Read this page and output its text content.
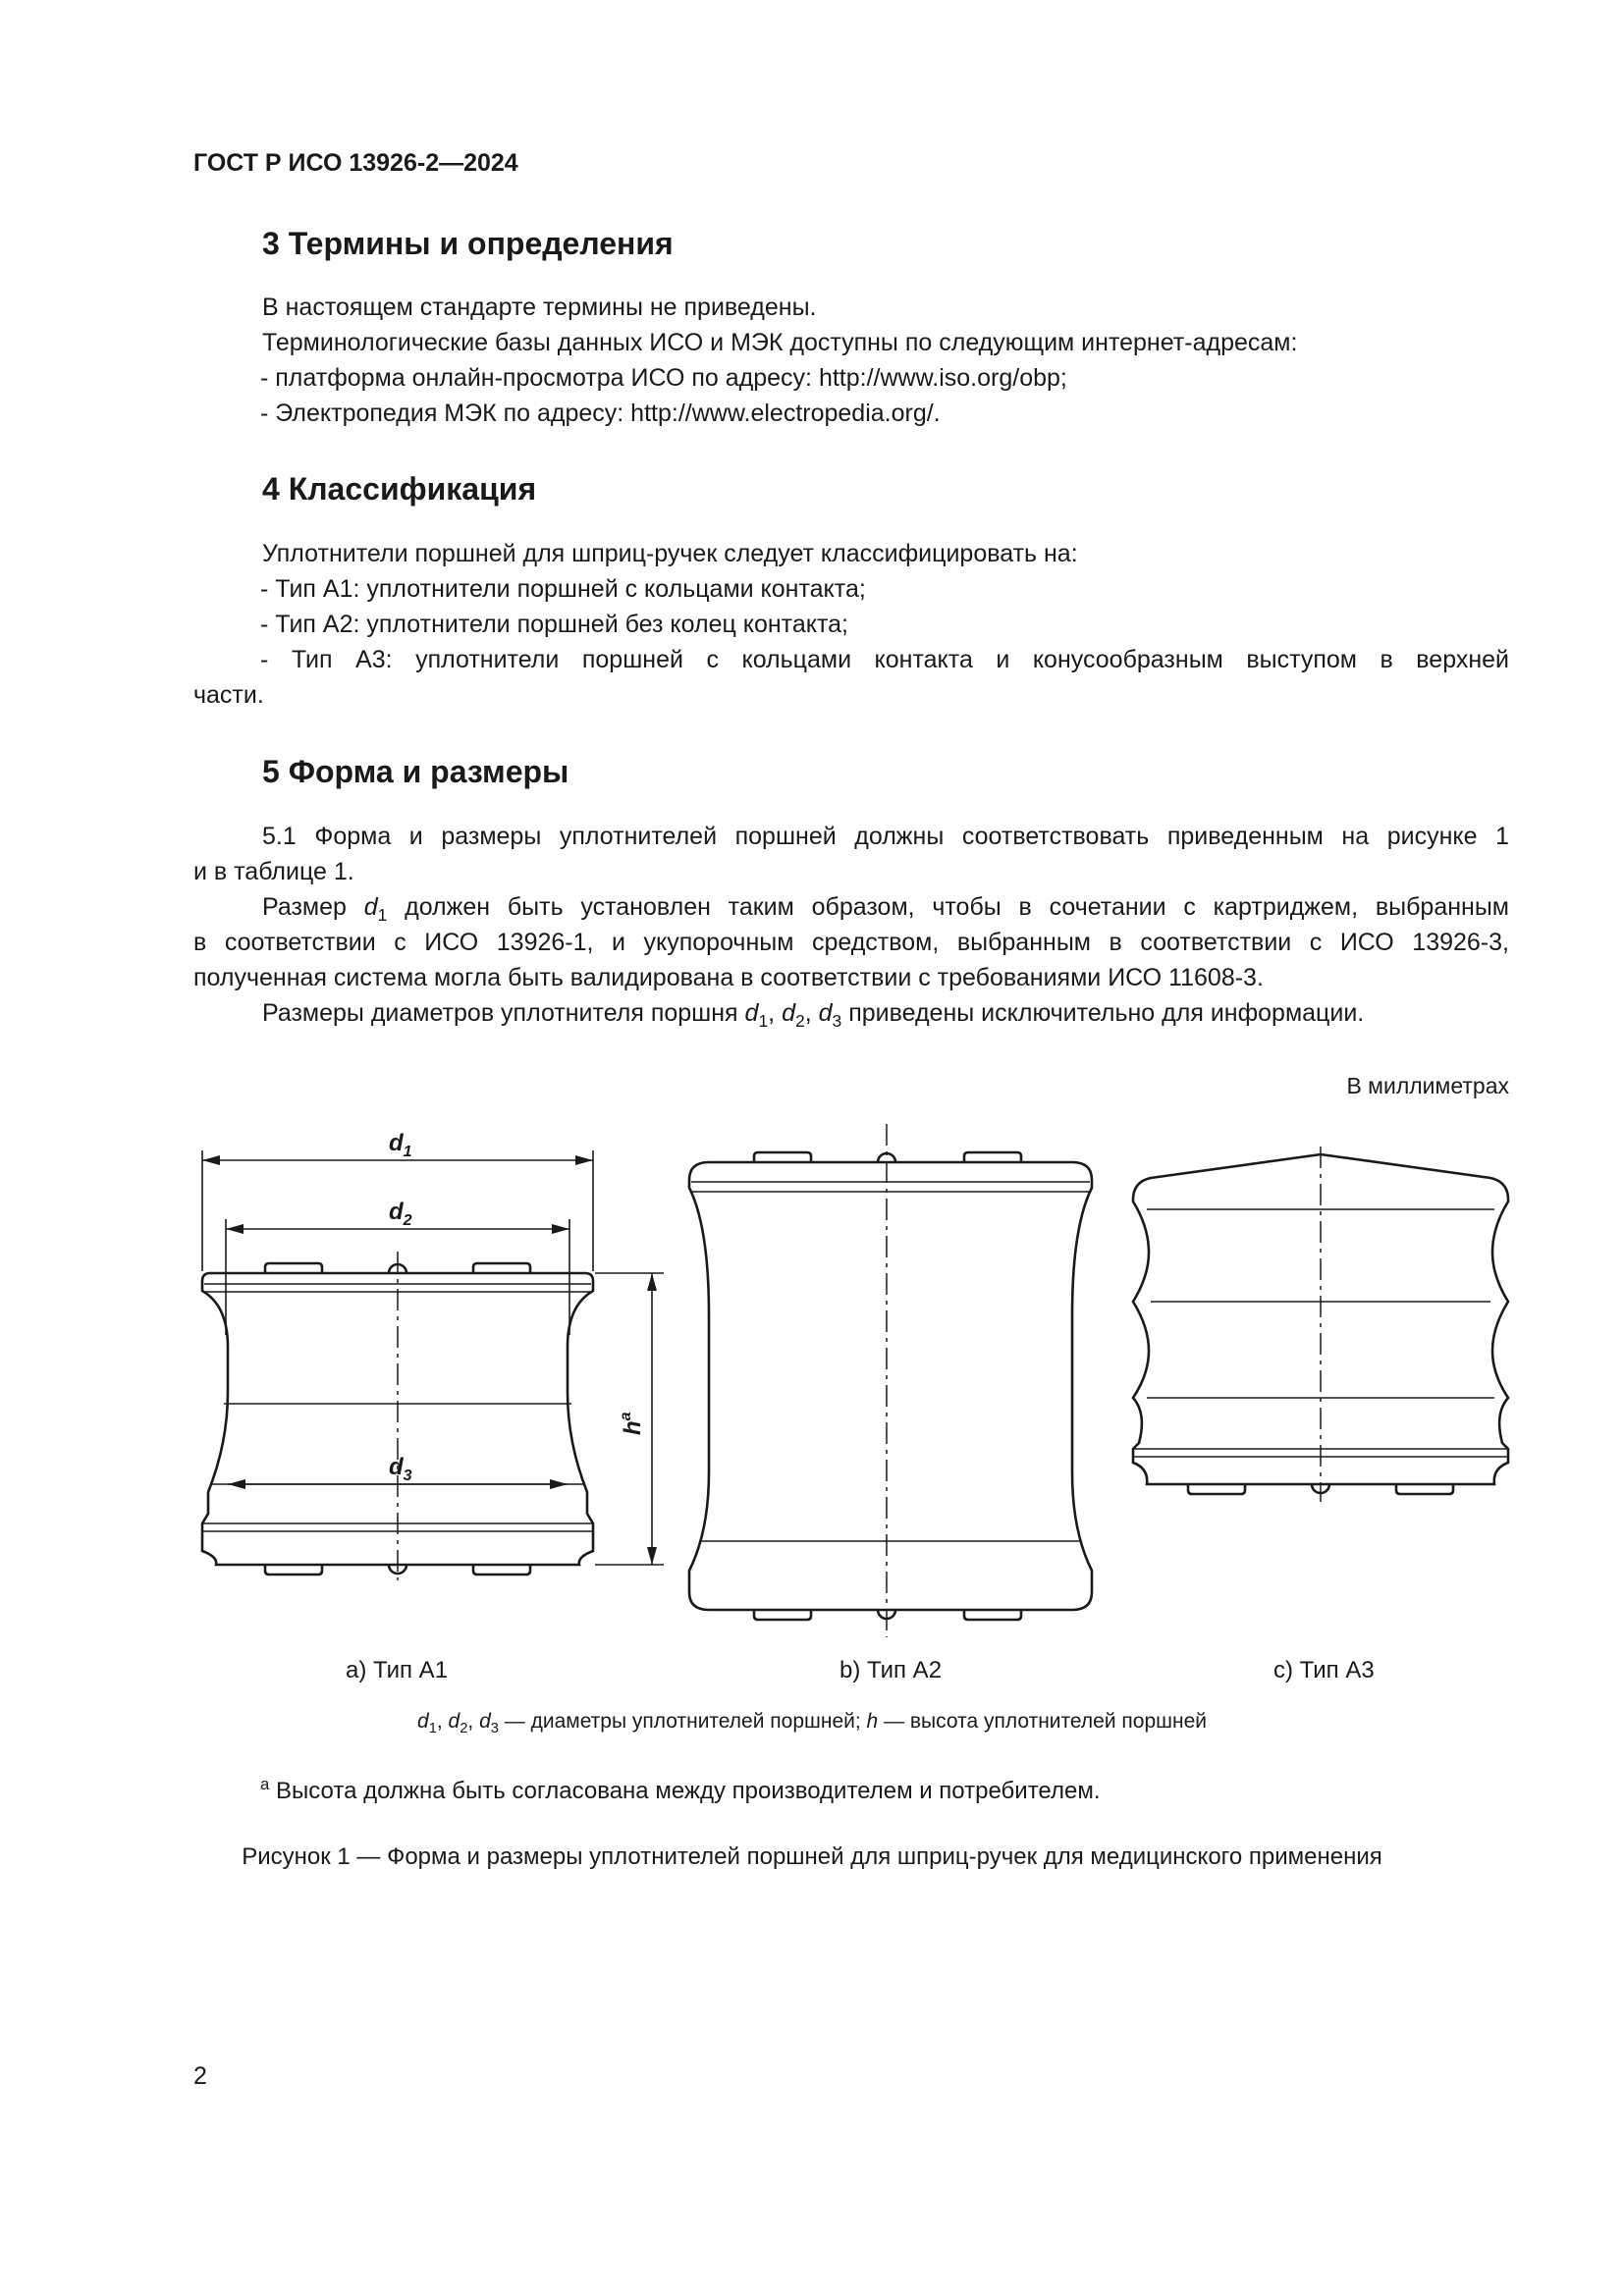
ГОСТ Р ИСО 13926-2—2024
3 Термины и определения
В настоящем стандарте термины не приведены.
Терминологические базы данных ИСО и МЭК доступны по следующим интернет-адресам:
- платформа онлайн-просмотра ИСО по адресу: http://www.iso.org/obp;
- Электропедия МЭК по адресу: http://www.electropedia.org/.
4 Классификация
Уплотнители поршней для шприц-ручек следует классифицировать на:
- Тип A1: уплотнители поршней с кольцами контакта;
- Тип A2: уплотнители поршней без колец контакта;
- Тип A3: уплотнители поршней с кольцами контакта и конусообразным выступом в верхней
части.
5 Форма и размеры
5.1 Форма и размеры уплотнителей поршней должны соответствовать приведенным на рисунке 1
и в таблице 1.
Размер $d_1$ должен быть установлен таким образом, чтобы в сочетании с картриджем, выбранным
в соответствии с ИСО 13926-1, и укупорочным средством, выбранным в соответствии с ИСО 13926-3,
полученная система могла быть валидирована в соответствии с требованиями ИСО 11608-3.
Размеры диаметров уплотнителя поршня $d_1$, $d_2$, $d_3$ приведены исключительно для информации.
В миллиметрах
$d_1$
$d_2$
$d_3$
$h^a$
a) Тип A1	b) Тип A2	c) Тип A3
$d_1$, $d_2$, $d_3$ — диаметры уплотнителей поршней; h — высота уплотнителей поршней
$^a$ Высота должна быть согласована между производителем и потребителем.
Рисунок 1 — Форма и размеры уплотнителей поршней для шприц-ручек для медицинского применения
2
